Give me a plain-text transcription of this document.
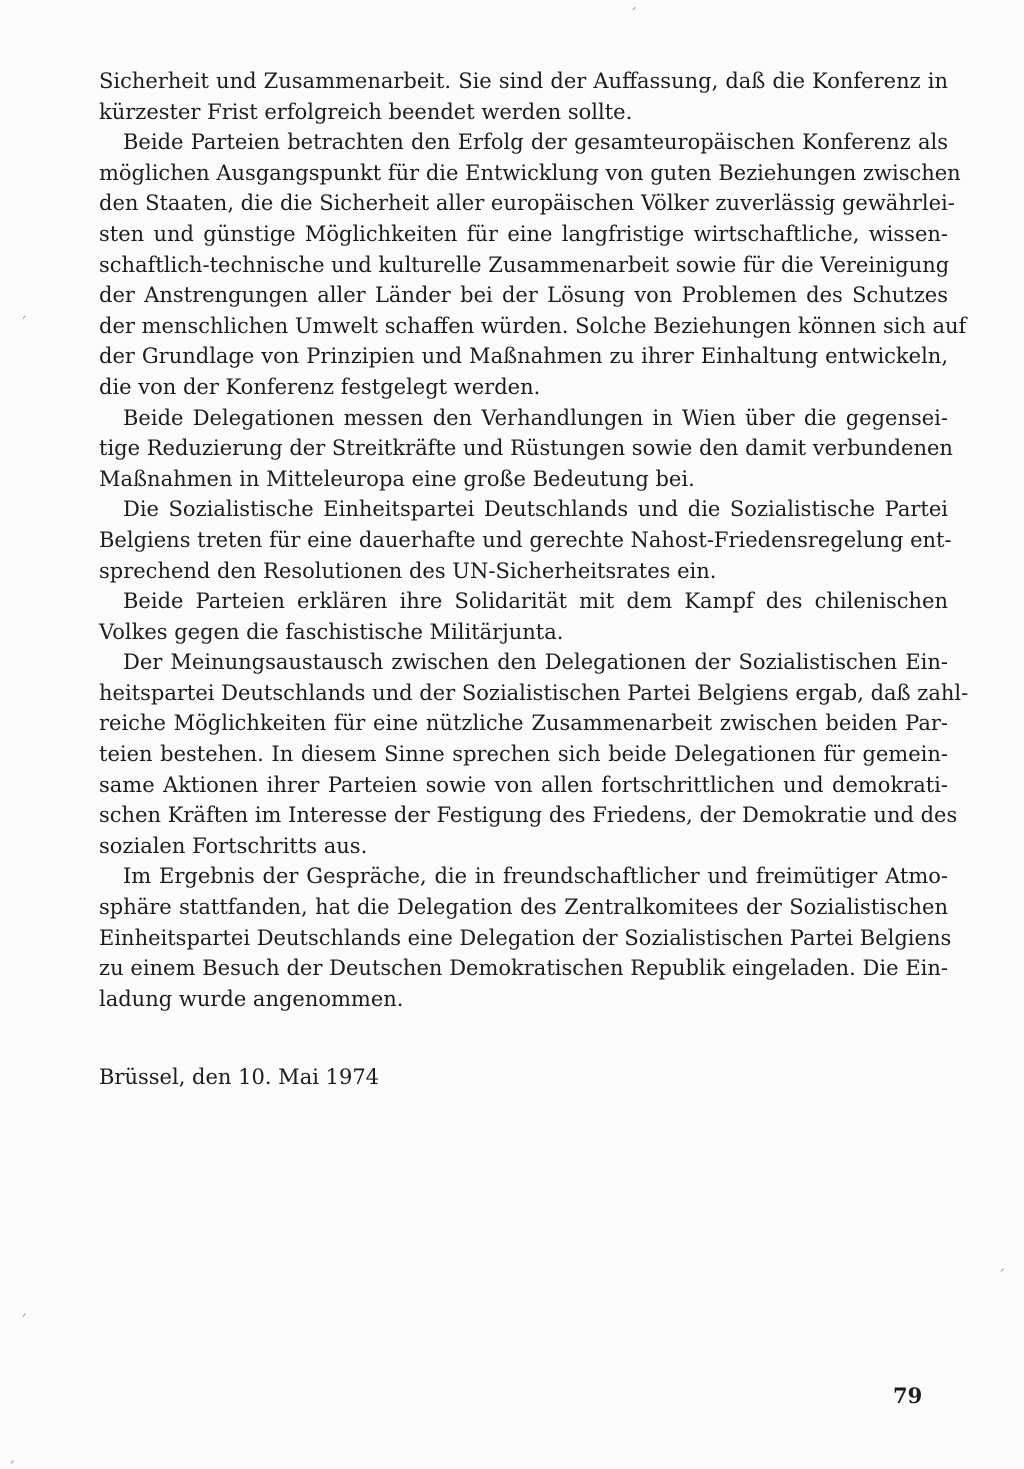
Sicherheit und Zusammenarbeit. Sie sind der Auffassung, daß die Konferenz in
kürzester Frist erfolgreich beendet werden sollte.
Beide Parteien betrachten den Erfolg der gesamteuropäischen Konferenz als
möglichen Ausgangspunkt für die Entwicklung von guten Beziehungen zwischen
den Staaten, die die Sicherheit aller europäischen Völker zuverlässig gewährlei-
sten und günstige Möglichkeiten für eine langfristige wirtschaftliche, wissen-
schaftlich-technische und kulturelle Zusammenarbeit sowie für die Vereinigung
der Anstrengungen aller Länder bei der Lösung von Problemen des Schutzes
der menschlichen Umwelt schaffen würden. Solche Beziehungen können sich auf
der Grundlage von Prinzipien und Maßnahmen zu ihrer Einhaltung entwickeln,
die von der Konferenz festgelegt werden.
Beide Delegationen messen den Verhandlungen in Wien über die gegensei-
tige Reduzierung der Streitkräfte und Rüstungen sowie den damit verbundenen
Maßnahmen in Mitteleuropa eine große Bedeutung bei.
Die Sozialistische Einheitspartei Deutschlands und die Sozialistische Partei
Belgiens treten für eine dauerhafte und gerechte Nahost-Friedensregelung ent-
sprechend den Resolutionen des UN-Sicherheitsrates ein.
Beide Parteien erklären ihre Solidarität mit dem Kampf des chilenischen
Volkes gegen die faschistische Militärjunta.
Der Meinungsaustausch zwischen den Delegationen der Sozialistischen Ein-
heitspartei Deutschlands und der Sozialistischen Partei Belgiens ergab, daß zahl-
reiche Möglichkeiten für eine nützliche Zusammenarbeit zwischen beiden Par-
teien bestehen. In diesem Sinne sprechen sich beide Delegationen für gemein-
same Aktionen ihrer Parteien sowie von allen fortschrittlichen und demokrati-
schen Kräften im Interesse der Festigung des Friedens, der Demokratie und des
sozialen Fortschritts aus.
Im Ergebnis der Gespräche, die in freundschaftlicher und freimütiger Atmo-
sphäre stattfanden, hat die Delegation des Zentralkomitees der Sozialistischen
Einheitspartei Deutschlands eine Delegation der Sozialistischen Partei Belgiens
zu einem Besuch der Deutschen Demokratischen Republik eingeladen. Die Ein-
ladung wurde angenommen.
Brüssel, den 10. Mai 1974
79
ˊ
ˏ
ˏ
ˏ
ˏ
